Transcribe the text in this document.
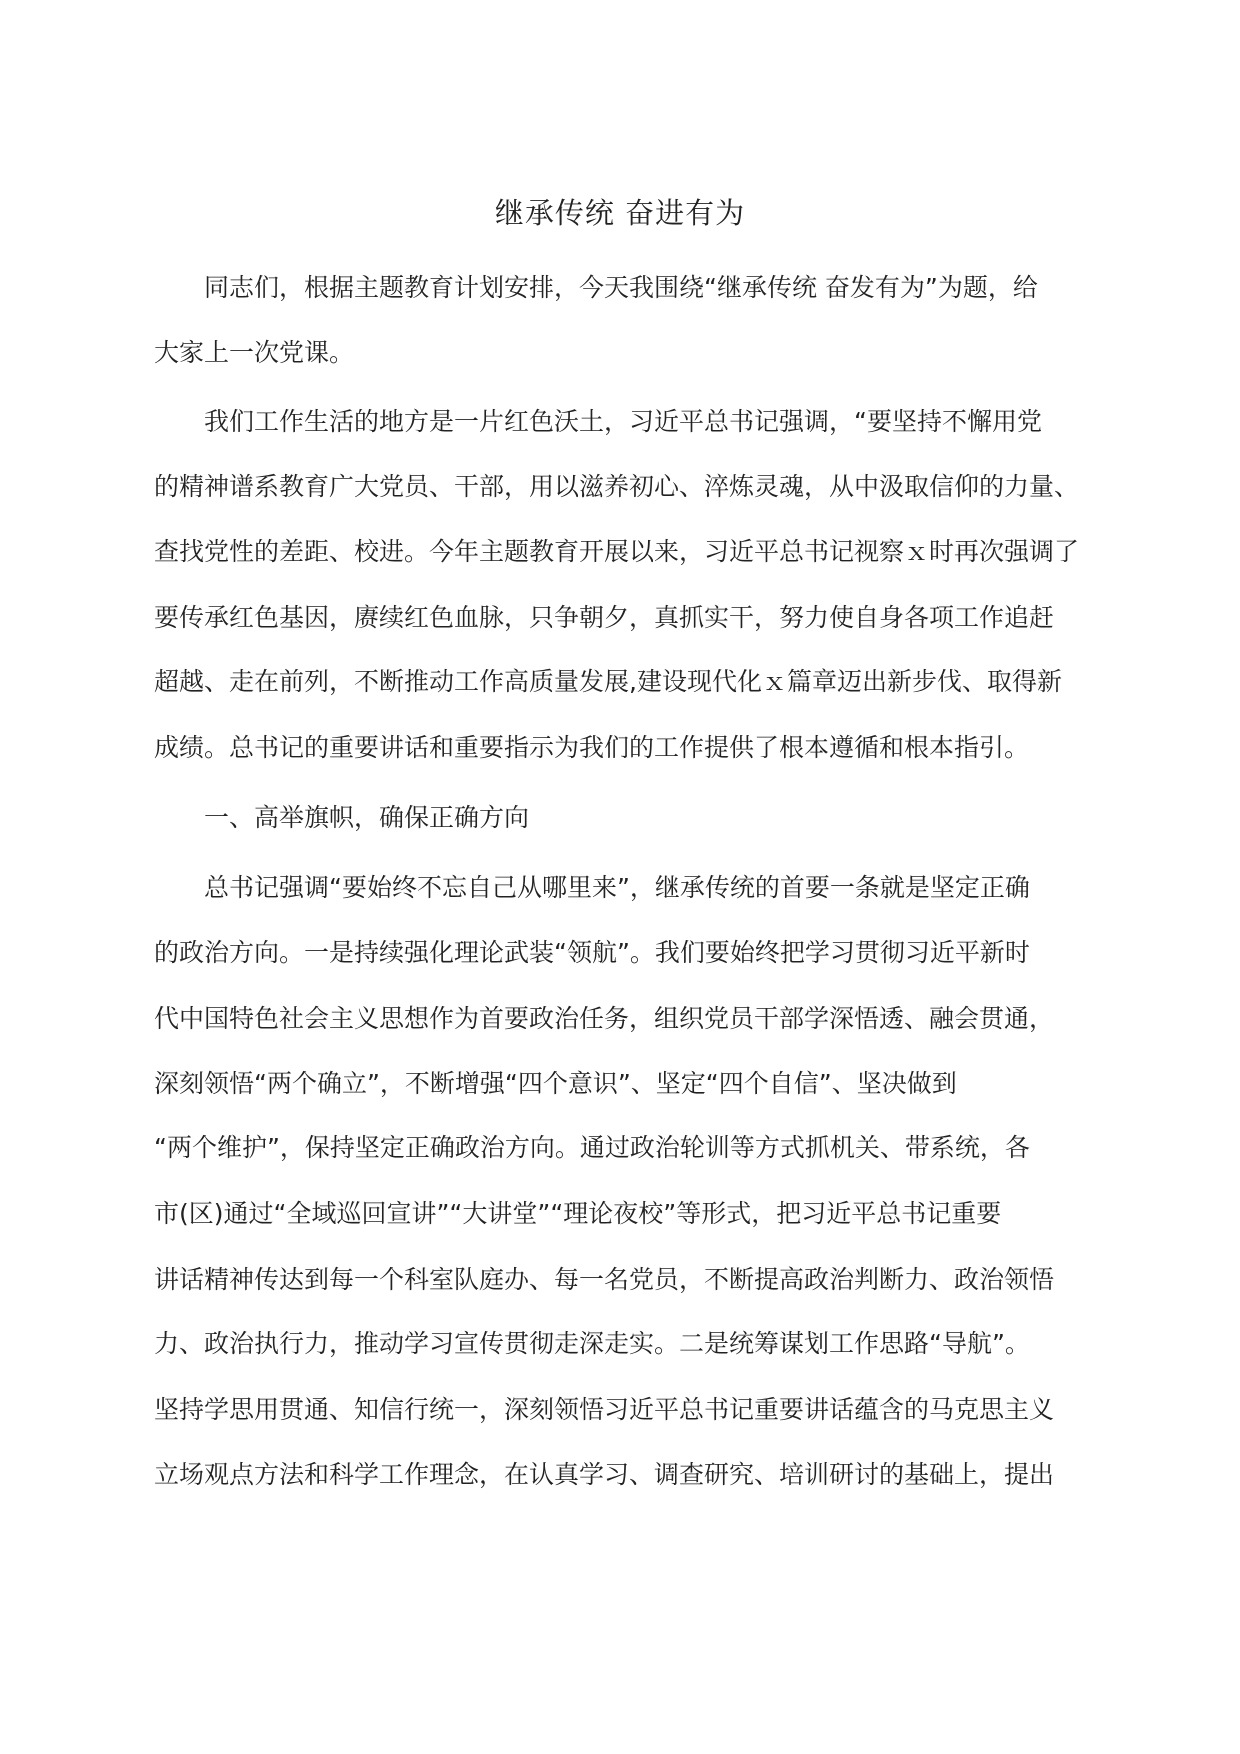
继承传统 奋进有为
同志们，根据主题教育计划安排，今天我围绕“继承传统 奋发有为”为题，给
大家上一次党课。
我们工作生活的地方是一片红色沃土，习近平总书记强调，“要坚持不懈用党
的精神谱系教育广大党员、干部，用以滋养初心、淬炼灵魂，从中汲取信仰的力量、
查找党性的差距、校进。今年主题教育开展以来，习近平总书记视察ｘ时再次强调了
要传承红色基因，赓续红色血脉，只争朝夕，真抓实干，努力使自身各项工作追赶
超越、走在前列，不断推动工作高质量发展,建设现代化ｘ篇章迈出新步伐、取得新
成绩。总书记的重要讲话和重要指示为我们的工作提供了根本遵循和根本指引。
一、高举旗帜，确保正确方向
总书记强调“要始终不忘自己从哪里来”，继承传统的首要一条就是坚定正确
的政治方向。一是持续强化理论武装“领航”。我们要始终把学习贯彻习近平新时
代中国特色社会主义思想作为首要政治任务，组织党员干部学深悟透、融会贯通，
深刻领悟“两个确立”，不断增强“四个意识”、坚定“四个自信”、坚决做到
“两个维护”，保持坚定正确政治方向。通过政治轮训等方式抓机关、带系统，各
市(区)通过“全域巡回宣讲”“大讲堂”“理论夜校”等形式，把习近平总书记重要
讲话精神传达到每一个科室队庭办、每一名党员，不断提高政治判断力、政治领悟
力、政治执行力，推动学习宣传贯彻走深走实。二是统筹谋划工作思路“导航”。
坚持学思用贯通、知信行统一，深刻领悟习近平总书记重要讲话蕴含的马克思主义
立场观点方法和科学工作理念，在认真学习、调查研究、培训研讨的基础上，提出
